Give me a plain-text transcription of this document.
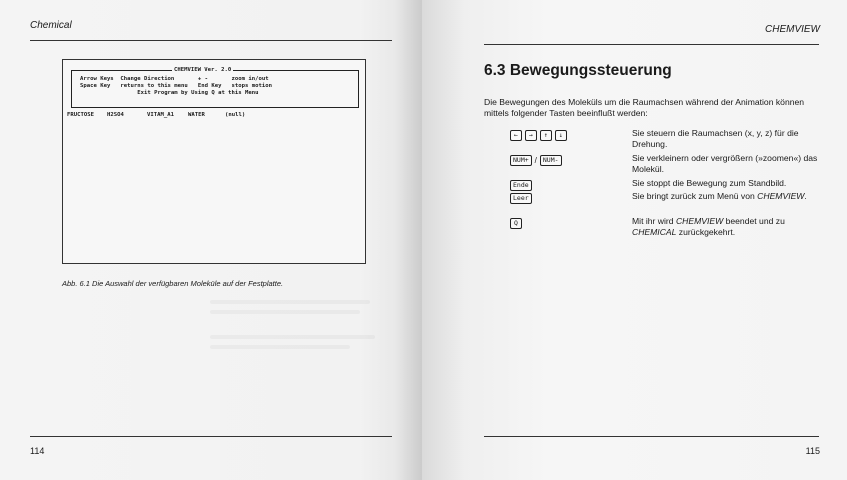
Chemical
CHEMVIEW Ver. 2.0
Arrow Keys  Change Direction       + -       zoom in/out
Space Key   returns to this menu   End Key   stops motion
Exit Program by Using Q at this Menu

FRUCTOSE

H2SO4

	VITAM_A1

	WATER

	(null)

Abb. 6.1 Die Auswahl der verfügbaren Moleküle auf der Festplatte.
114
CHEMVIEW
6.3 Bewegungssteuerung
Die Bewegungen des Moleküls um die Raumachsen während der Animation können mittels folgender Tasten beeinflußt werden:
←	→	↑	↓	Sie steuern die Raumachsen (x, y, z) für die Drehung.
NUM+ / NUM-	Sie verkleinern oder vergrößern (»zoomen«) das Molekül.
Ende	Sie stoppt die Bewegung zum Standbild.
Leer	Sie bringt zurück zum Menü von CHEMVIEW.
Q	Mit ihr wird CHEMVIEW beendet und zu CHEMICAL zurückgekehrt.
115
